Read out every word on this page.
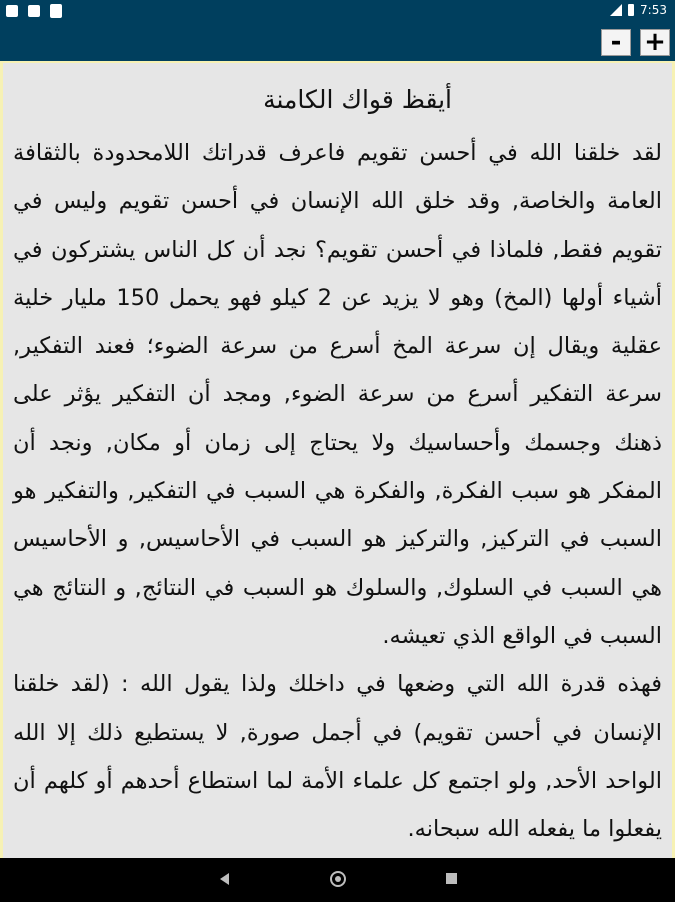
7:53
- +
أيقظ قواك الكامنة

لقد خلقنا الله في أحسن تقويم فاعرف قدراتك اللامحدودة بالثقافة العامة والخاصة, وقد خلق الله الإنسان في أحسن تقويم وليس في تقويم فقط, فلماذا في أحسن تقويم؟ نجد أن كل الناس يشتركون في أشياء أولها (المخ) وهو لا يزيد عن 2 كيلو فهو يحمل 150 مليار خلية عقلية ويقال إن سرعة المخ أسرع من سرعة الضوء؛ فعند التفكير, سرعة التفكير أسرع من سرعة الضوء, ومجد أن التفكير يؤثر على ذهنك وجسمك وأحساسيك ولا يحتاج إلى زمان أو مكان, ونجد أن المفكر هو سبب الفكرة, والفكرة هي السبب في التفكير, والتفكير هو السبب في التركيز, والتركيز هو السبب في الأحاسيس, و الأحاسيس هي السبب في السلوك, والسلوك هو السبب في النتائج, و النتائج هي السبب في الواقع الذي تعيشه.

فهذه قدرة الله التي وضعها في داخلك ولذا يقول الله : (لقد خلقنا الإنسان في أحسن تقويم) في أجمل صورة, لا يستطيع ذلك إلا الله الواحد الأحد, ولو اجتمع كل علماء الأمة لما استطاع أحدهم أو كلهم أن يفعلوا ما يفعله الله سبحانه.
